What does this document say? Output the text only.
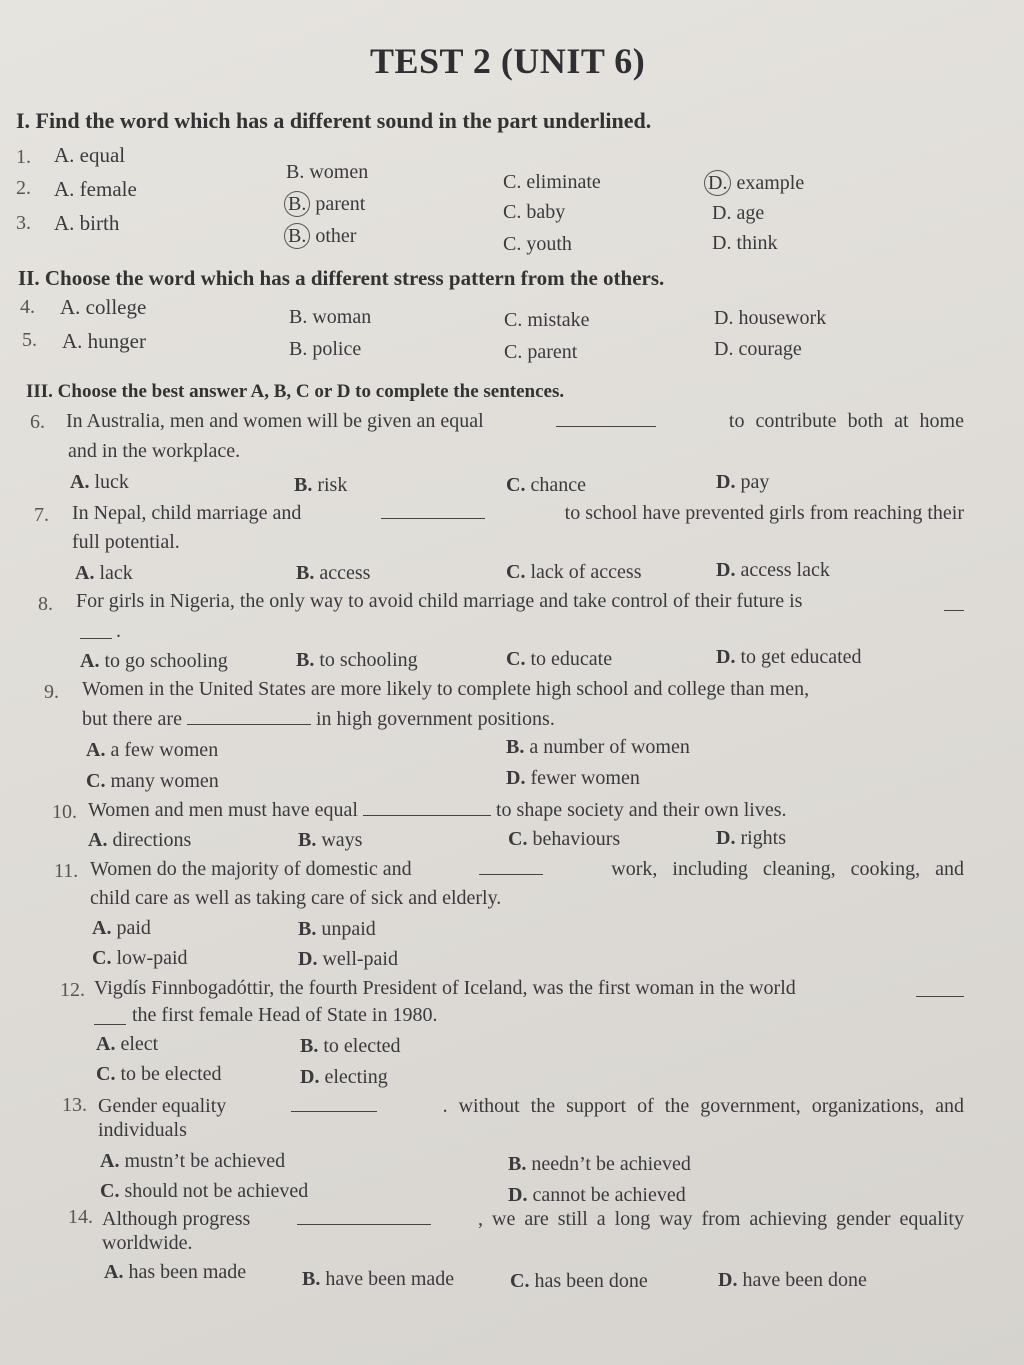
TEST 2 (UNIT 6)
I. Find the word which has a different sound in the part underlined.
1. A. equal
B. women	C. eliminate	D. example
2. A. female
B. parent	C. baby	D. age
3. A. birth
B. other	C. youth	D. think
II. Choose the word which has a different stress pattern from the others.
4. A. college	B. woman	C. mistake	D. housework
5. A. hunger	B. police	C. parent	D. courage
III. Choose the best answer A, B, C or D to complete the sentences.
6. In Australia, men and women will be given an equal	to contribute both at home
and in the workplace.
A. luck	B. risk	C. chance	D. pay
7. In Nepal, child marriage and	to school have prevented girls from reaching their
full potential.
A. lack	B. access	C. lack of access	D. access lack
8. For girls in Nigeria, the only way to avoid child marriage and take control of their future is
.
A. to go schooling	B. to schooling	C. to educate	D. to get educated
9. Women in the United States are more likely to complete high school and college than men,
but there are	in high government positions.
A. a few women	B. a number of women
C. many women	D. fewer women
10. Women and men must have equal	to shape society and their own lives.
A. directions	B. ways	C. behaviours	D. rights
11. Women do the majority of domestic and	work, including cleaning, cooking, and
child care as well as taking care of sick and elderly.
A. paid	B. unpaid
C. low-paid	D. well-paid
12. Vigdís Finnbogadóttir, the fourth President of Iceland, was the first woman in the world
the first female Head of State in 1980.
A. elect	B. to elected
C. to be elected	D. electing
13. Gender equality	. without the support of the government, organizations, and
individuals
A. mustn’t be achieved	B. needn’t be achieved
C. should not be achieved	D. cannot be achieved
14. Although progress	, we are still a long way from achieving gender equality
worldwide.
A. has been made	B. have been made	C. has been done	D. have been done
